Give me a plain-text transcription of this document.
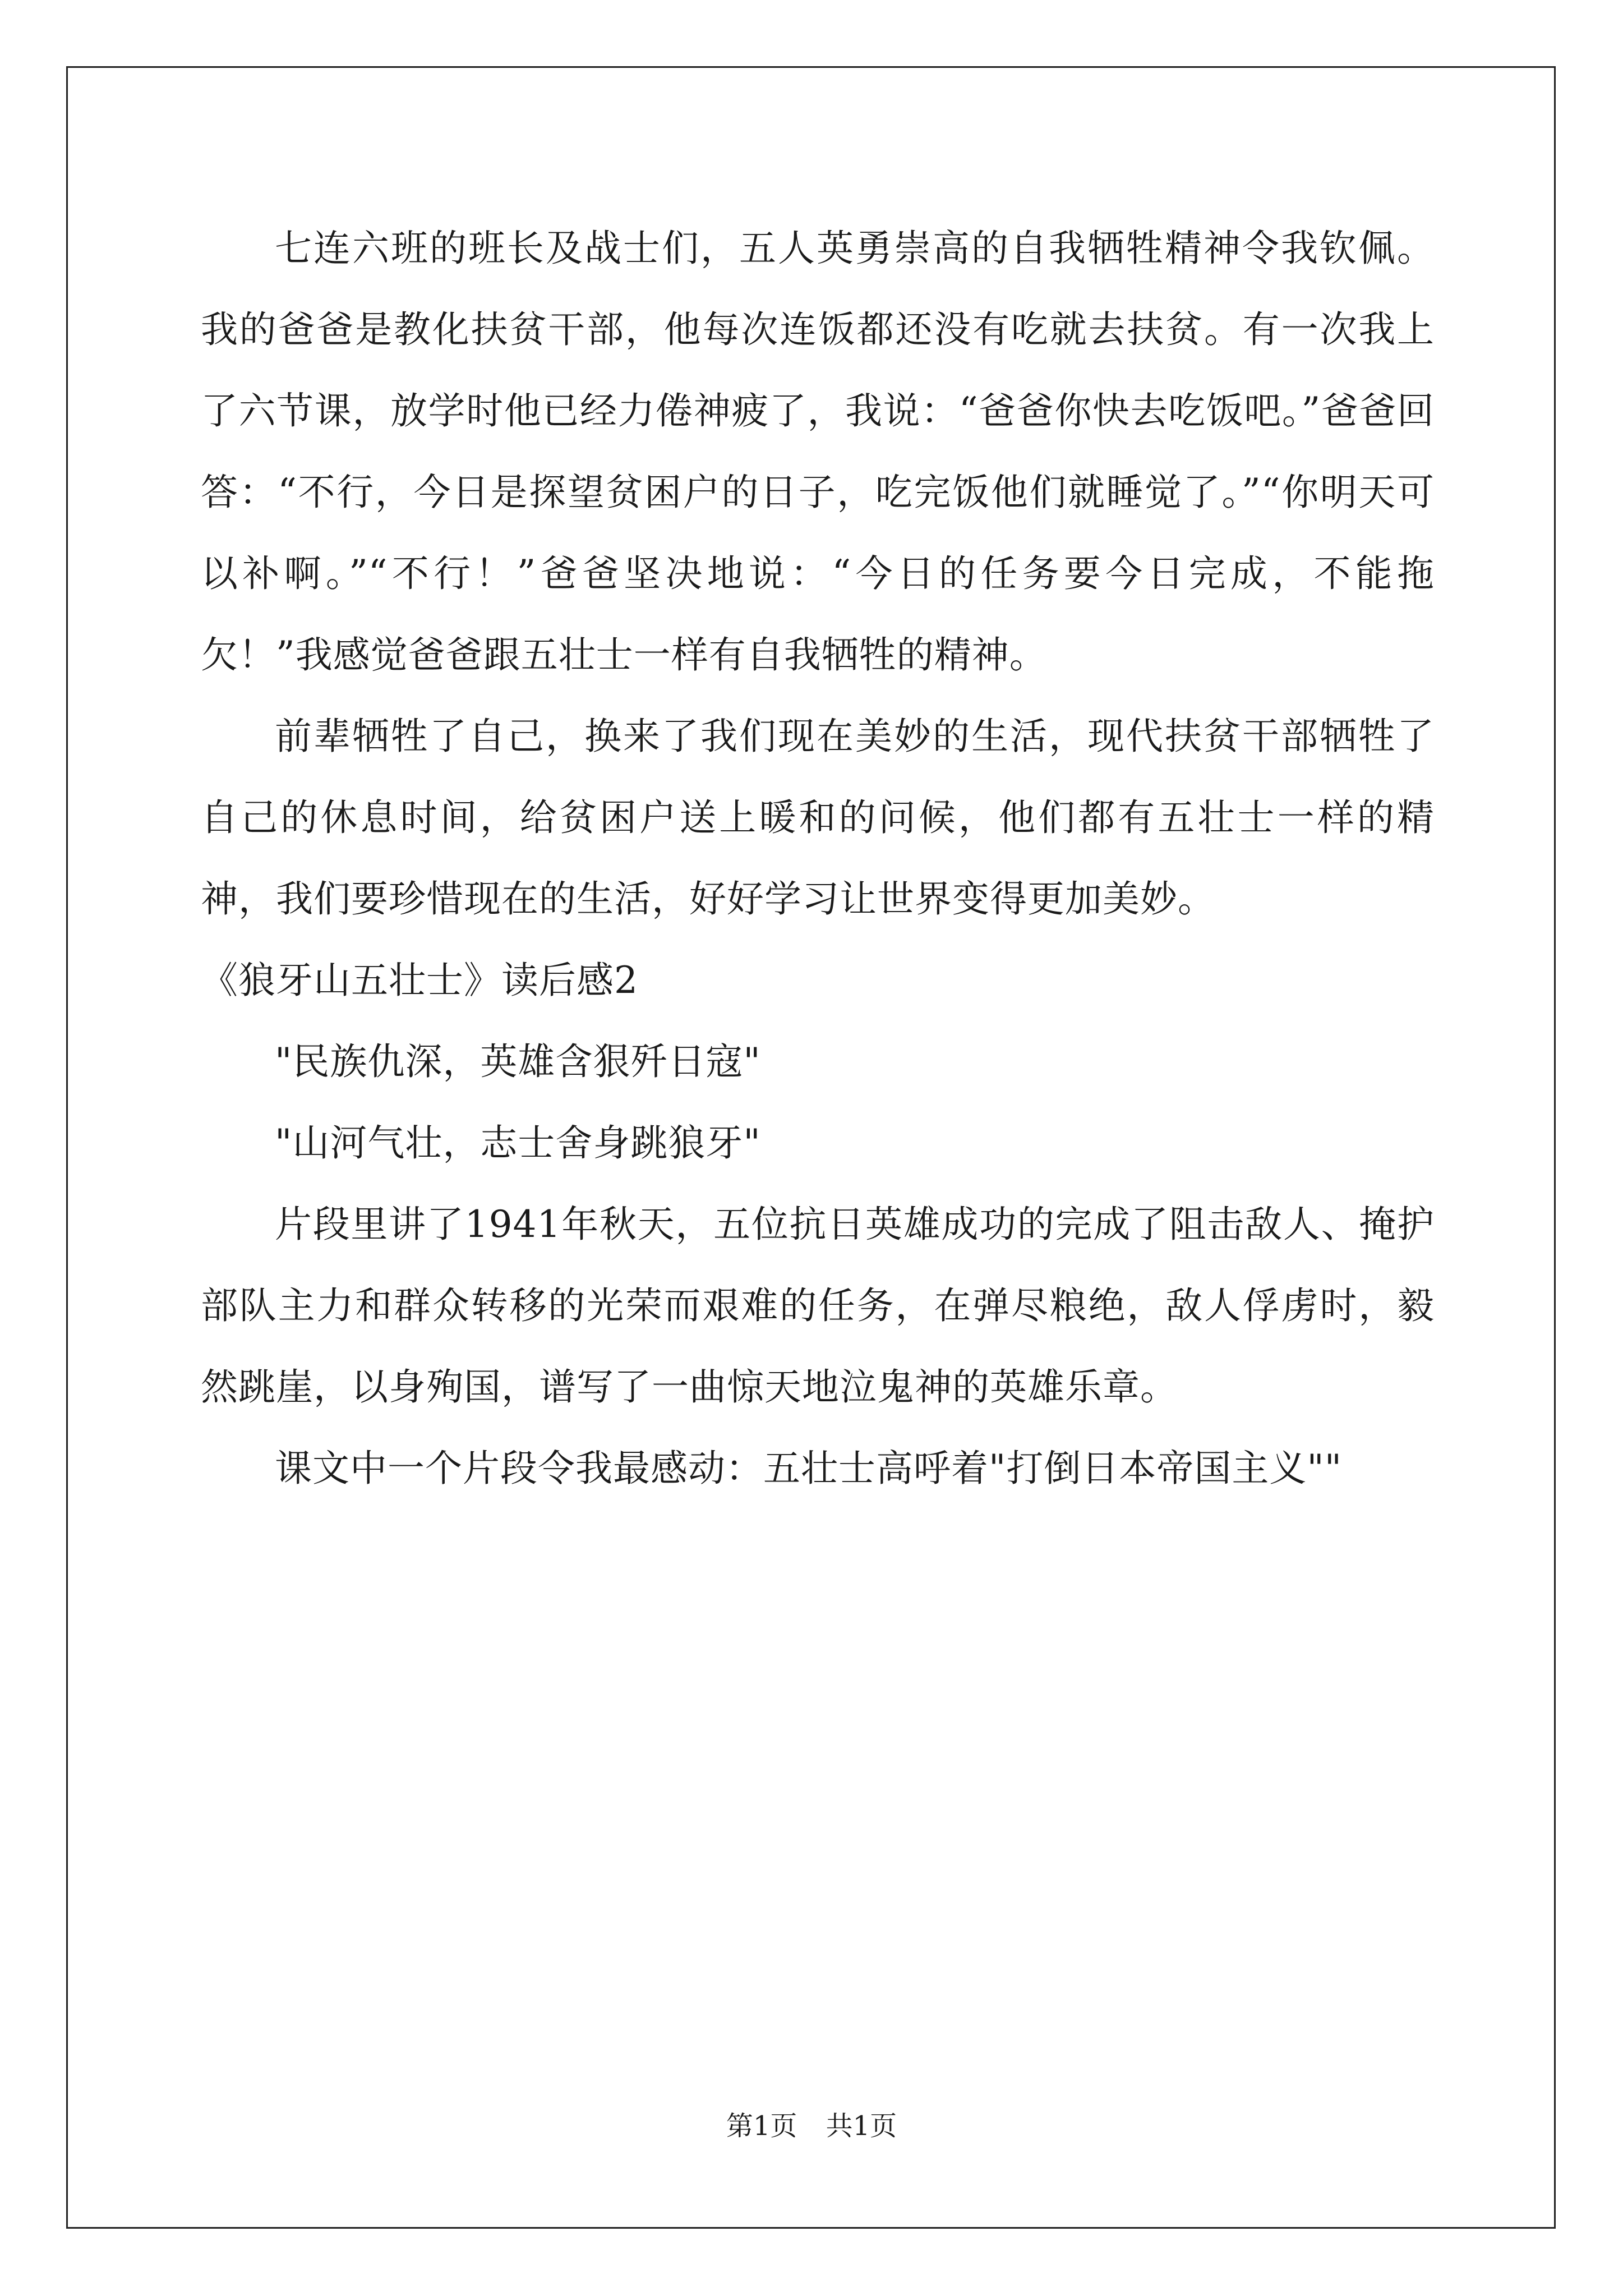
七连六班的班长及战士们，五人英勇崇高的自我牺牲精神令我钦佩。我的爸爸是教化扶贫干部，他每次连饭都还没有吃就去扶贫。有一次我上了六节课，放学时他已经力倦神疲了，我说：“爸爸你快去吃饭吧。”爸爸回答：“不行，今日是探望贫困户的日子，吃完饭他们就睡觉了。”“你明天可以补啊。”“不行！”爸爸坚决地说：“今日的任务要今日完成，不能拖欠！”我感觉爸爸跟五壮士一样有自我牺牲的精神。

前辈牺牲了自己，换来了我们现在美妙的生活，现代扶贫干部牺牲了自己的休息时间，给贫困户送上暖和的问候，他们都有五壮士一样的精神，我们要珍惜现在的生活，好好学习让世界变得更加美妙。

《狼牙山五壮士》读后感2

"民族仇深，英雄含狠歼日寇"

"山河气壮，志士舍身跳狼牙"

片段里讲了1941年秋天，五位抗日英雄成功的完成了阻击敌人、掩护部队主力和群众转移的光荣而艰难的任务，在弹尽粮绝，敌人俘虏时，毅然跳崖，以身殉国，谱写了一曲惊天地泣鬼神的英雄乐章。

课文中一个片段令我最感动：五壮士高呼着"打倒日本帝国主义""

第1页 共1页
